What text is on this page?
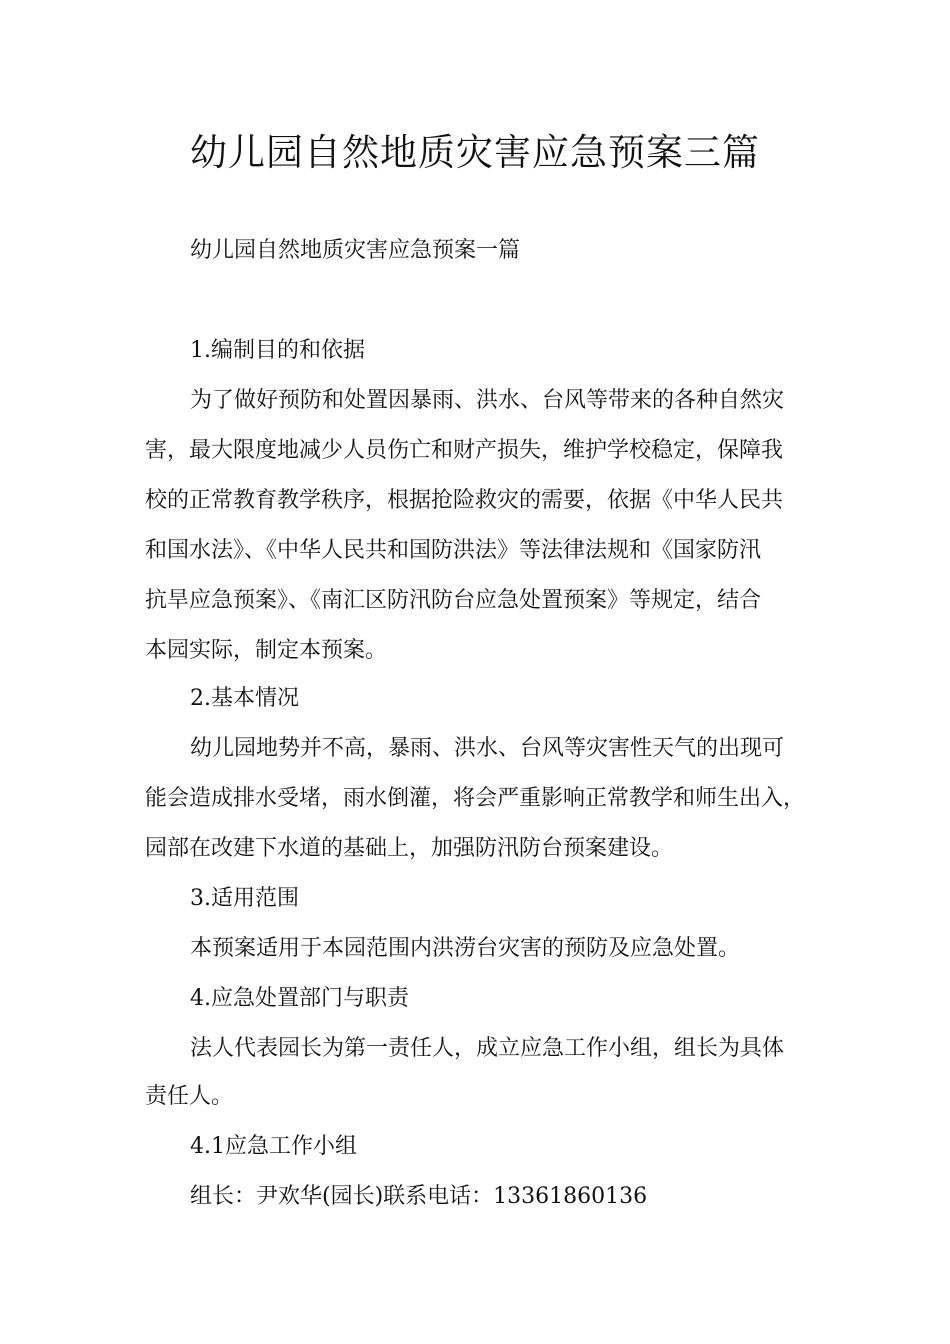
幼儿园自然地质灾害应急预案三篇

幼儿园自然地质灾害应急预案一篇

1.编制目的和依据

为了做好预防和处置因暴雨、洪水、台风等带来的各种自然灾

害，最大限度地减少人员伤亡和财产损失，维护学校稳定，保障我

校的正常教育教学秩序，根据抢险救灾的需要，依据《中华人民共

和国水法》、《中华人民共和国防洪法》等法律法规和《国家防汛

抗旱应急预案》、《南汇区防汛防台应急处置预案》等规定，结合

本园实际，制定本预案。

2.基本情况

幼儿园地势并不高，暴雨、洪水、台风等灾害性天气的出现可

能会造成排水受堵，雨水倒灌，将会严重影响正常教学和师生出入，

园部在改建下水道的基础上，加强防汛防台预案建设。

3.适用范围

本预案适用于本园范围内洪涝台灾害的预防及应急处置。

4.应急处置部门与职责

法人代表园长为第一责任人，成立应急工作小组，组长为具体

责任人。

4.1应急工作小组

组长：尹欢华(园长)联系电话：13361860136
